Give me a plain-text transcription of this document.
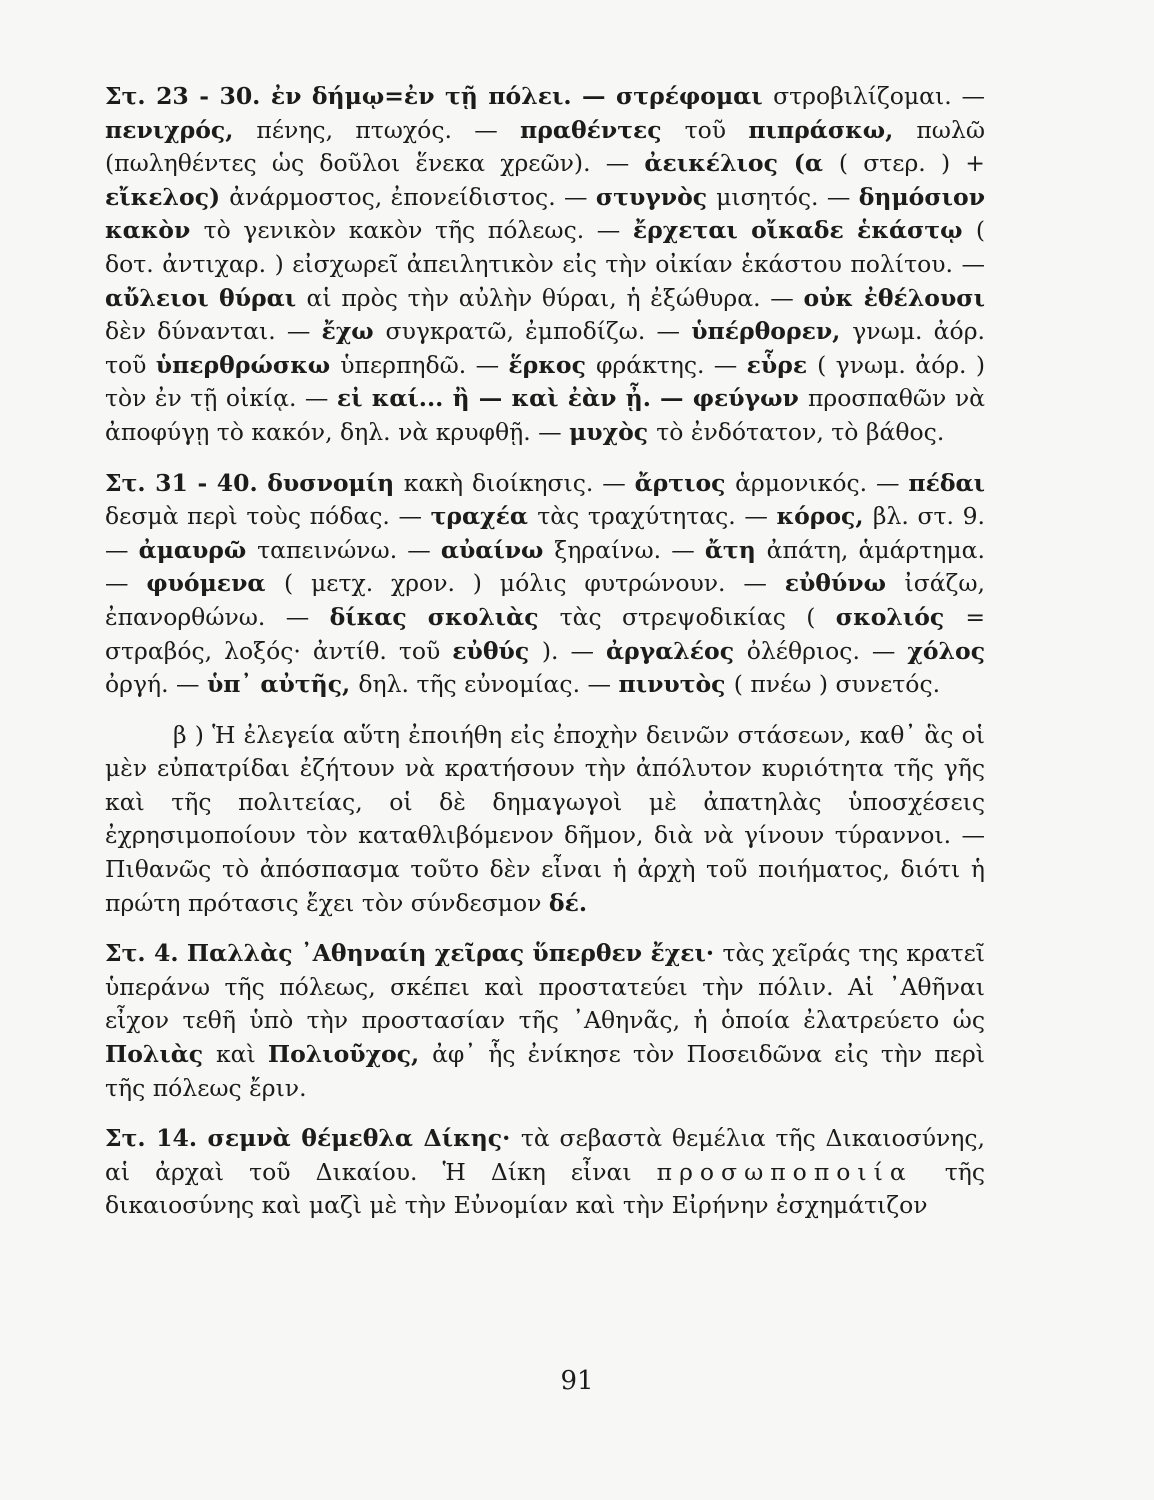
Στ. 23 - 30. ἐν δήμῳ=ἐν τῇ πόλει. — στρέφομαι στροβιλίζομαι. — πενιχρός, πένης, πτωχός. — πραθέντες τοῦ πιπράσκω, πωλῶ (πωληθέντες ὡς δοῦλοι ἕνεκα χρεῶν). — ἀεικέλιος (α ( στερ. ) + εἴκελος) ἀνάρμοστος, ἐπονείδιστος. — στυγνὸς μισητός. — δημόσιον κακὸν τὸ γενικὸν κακὸν τῆς πόλεως. — ἔρχεται οἴκαδε ἑκάστῳ ( δοτ. ἀντιχαρ. ) εἰσχωρεῖ ἀπειλητικὸν εἰς τὴν οἰκίαν ἑκάστου πολίτου. — αὔλειοι θύραι αἱ πρὸς τὴν αὐλὴν θύραι, ἡ ἐξώθυρα. — οὐκ ἐθέλουσι δὲν δύνανται. — ἔχω συγκρατῶ, ἐμποδίζω. — ὑπέρθορεν, γνωμ. ἀόρ. τοῦ ὑπερθρώσκω ὑπερπηδῶ. — ἕρκος φράκτης. — εὗρε ( γνωμ. ἀόρ. ) τὸν ἐν τῇ οἰκίᾳ. — εἰ καί... ἢ — καὶ ἐὰν ᾖ. — φεύγων προσπαθῶν νὰ ἀποφύγῃ τὸ κακόν, δηλ. νὰ κρυφθῇ. — μυχὸς τὸ ἐνδότατον, τὸ βάθος.

Στ. 31 - 40. δυσνομίη κακὴ διοίκησις. — ἄρτιος ἁρμονικός. — πέδαι δεσμὰ περὶ τοὺς πόδας. — τραχέα τὰς τραχύτητας. — κόρος, βλ. στ. 9. — ἀμαυρῶ ταπεινώνω. — αὐαίνω ξηραίνω. — ἄτη ἀπάτη, ἁμάρτημα. — φυόμενα ( μετχ. χρον. ) μόλις φυτρώνουν. — εὐθύνω ἰσάζω, ἐπανορθώνω. — δίκας σκολιὰς τὰς στρεψοδικίας ( σκολιός = στραβός, λοξός· ἀντίθ. τοῦ εὐθύς ). — ἀργαλέος ὀλέθριος. — χόλος ὀργή. — ὑπ᾿ αὐτῆς, δηλ. τῆς εὐνομίας. — πινυτὸς ( πνέω ) συνετός.

β ) Ἡ ἐλεγεία αὕτη ἐποιήθη εἰς ἐποχὴν δεινῶν στάσεων, καθ᾿ ἃς οἱ μὲν εὐπατρίδαι ἐζήτουν νὰ κρατήσουν τὴν ἀπόλυτον κυριότητα τῆς γῆς καὶ τῆς πολιτείας, οἱ δὲ δημαγωγοὶ μὲ ἀπατηλὰς ὑποσχέσεις ἐχρησιμοποίουν τὸν καταθλιβόμενον δῆμον, διὰ νὰ γίνουν τύραννοι. — Πιθανῶς τὸ ἀπόσπασμα τοῦτο δὲν εἶναι ἡ ἀρχὴ τοῦ ποιήματος, διότι ἡ πρώτη πρότασις ἔχει τὸν σύνδεσμον δέ.

Στ. 4. Παλλὰς ᾿Αθηναίη χεῖρας ὕπερθεν ἔχει· τὰς χεῖράς της κρατεῖ ὑπεράνω τῆς πόλεως, σκέπει καὶ προστατεύει τὴν πόλιν. Αἱ ᾿Αθῆναι εἶχον τεθῆ ὑπὸ τὴν προστασίαν τῆς ᾿Αθηνᾶς, ἡ ὁποία ἐλατρεύετο ὡς Πολιὰς καὶ Πολιοῦχος, ἀφ᾿ ἧς ἐνίκησε τὸν Ποσειδῶνα εἰς τὴν περὶ τῆς πόλεως ἔριν.

Στ. 14. σεμνὰ θέμεθλα Δίκης· τὰ σεβαστὰ θεμέλια τῆς Δικαιοσύνης, αἱ ἀρχαὶ τοῦ Δικαίου. Ἡ Δίκη εἶναι προσωποποιία τῆς δικαιοσύνης καὶ μαζὶ μὲ τὴν Εὐνομίαν καὶ τὴν Εἰρήνην ἐσχημάτιζον

91
